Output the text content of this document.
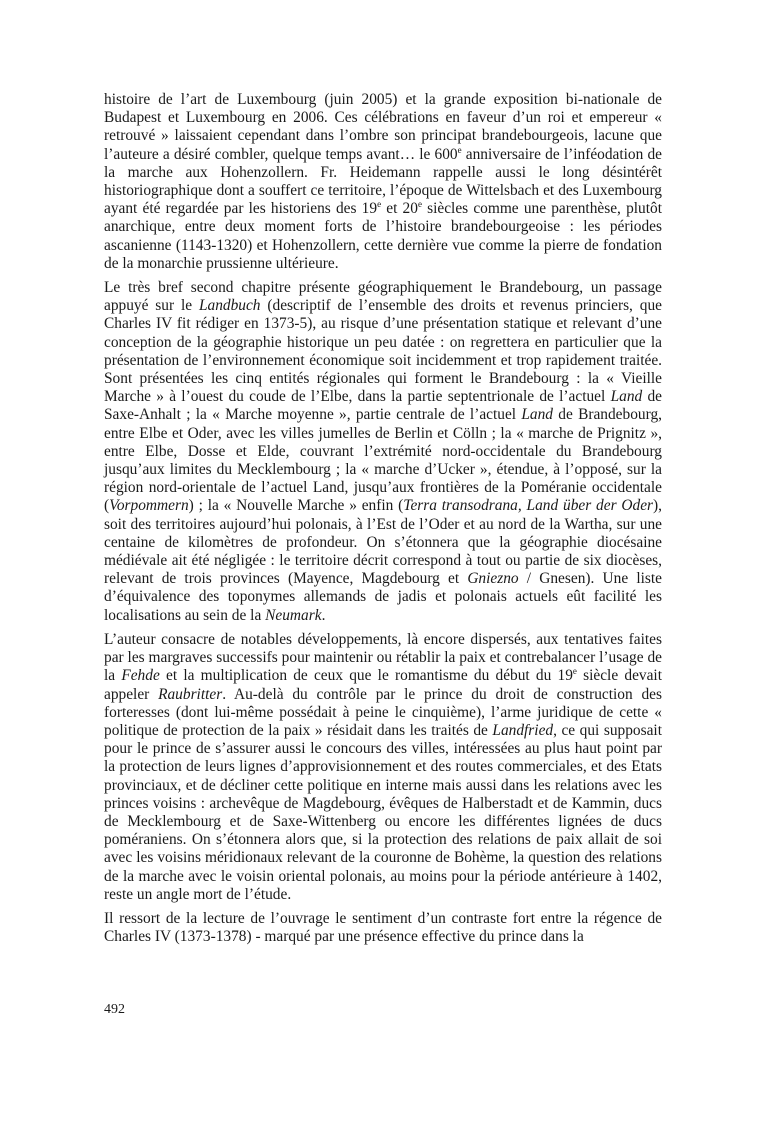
histoire de l’art de Luxembourg (juin 2005) et la grande exposition bi-nationale de Budapest et Luxembourg en 2006. Ces célébrations en faveur d’un roi et empereur « retrouvé » laissaient cependant dans l’ombre son principat brandebourgeois, lacune que l’auteure a désiré combler, quelque temps avant… le 600e anniversaire de l’inféodation de la marche aux Hohenzollern. Fr. Heidemann rappelle aussi le long désintérêt historiographique dont a souffert ce territoire, l’époque de Wittelsbach et des Luxembourg ayant été regardée par les historiens des 19e et 20e siècles comme une parenthèse, plutôt anarchique, entre deux moment forts de l’histoire brandebourgeoise : les périodes ascanienne (1143-1320) et Hohenzollern, cette dernière vue comme la pierre de fondation de la monarchie prussienne ultérieure.

Le très bref second chapitre présente géographiquement le Brandebourg, un passage appuyé sur le Landbuch (descriptif de l’ensemble des droits et revenus princiers, que Charles IV fit rédiger en 1373-5), au risque d’une présentation statique et relevant d’une conception de la géographie historique un peu datée : on regrettera en particulier que la présentation de l’environnement économique soit incidemment et trop rapidement traitée. Sont présentées les cinq entités régionales qui forment le Brandebourg : la « Vieille Marche » à l’ouest du coude de l’Elbe, dans la partie septentrionale de l’actuel Land de Saxe-Anhalt ; la « Marche moyenne », partie centrale de l’actuel Land de Brandebourg, entre Elbe et Oder, avec les villes jumelles de Berlin et Cölln ; la « marche de Prignitz », entre Elbe, Dosse et Elde, couvrant l’extrémité nord-occidentale du Brandebourg jusqu’aux limites du Mecklembourg ; la « marche d’Ucker », étendue, à l’opposé, sur la région nord-orientale de l’actuel Land, jusqu’aux frontières de la Poméranie occidentale (Vorpommern) ; la « Nouvelle Marche » enfin (Terra transodrana, Land über der Oder), soit des territoires aujourd’hui polonais, à l’Est de l’Oder et au nord de la Wartha, sur une centaine de kilomètres de profondeur. On s’étonnera que la géographie diocésaine médiévale ait été négligée : le territoire décrit correspond à tout ou partie de six diocèses, relevant de trois provinces (Mayence, Magdebourg et Gniezno / Gnesen). Une liste d’équivalence des toponymes allemands de jadis et polonais actuels eût facilité les localisations au sein de la Neumark.

L’auteur consacre de notables développements, là encore dispersés, aux tentatives faites par les margraves successifs pour maintenir ou rétablir la paix et contrebalancer l’usage de la Fehde et la multiplication de ceux que le romantisme du début du 19e siècle devait appeler Raubritter. Au-delà du contrôle par le prince du droit de construction des forteresses (dont lui-même possédait à peine le cinquième), l’arme juridique de cette « politique de protection de la paix » résidait dans les traités de Landfried, ce qui supposait pour le prince de s’assurer aussi le concours des villes, intéressées au plus haut point par la protection de leurs lignes d’approvisionnement et des routes commerciales, et des Etats provinciaux, et de décliner cette politique en interne mais aussi dans les relations avec les princes voisins : archevêque de Magdebourg, évêques de Halberstadt et de Kammin, ducs de Mecklembourg et de Saxe-Wittenberg ou encore les différentes lignées de ducs poméraniens. On s’étonnera alors que, si la protection des relations de paix allait de soi avec les voisins méridionaux relevant de la couronne de Bohème, la question des relations de la marche avec le voisin oriental polonais, au moins pour la période antérieure à 1402, reste un angle mort de l’étude.

Il ressort de la lecture de l’ouvrage le sentiment d’un contraste fort entre la régence de Charles IV (1373-1378) - marqué par une présence effective du prince dans la

492
